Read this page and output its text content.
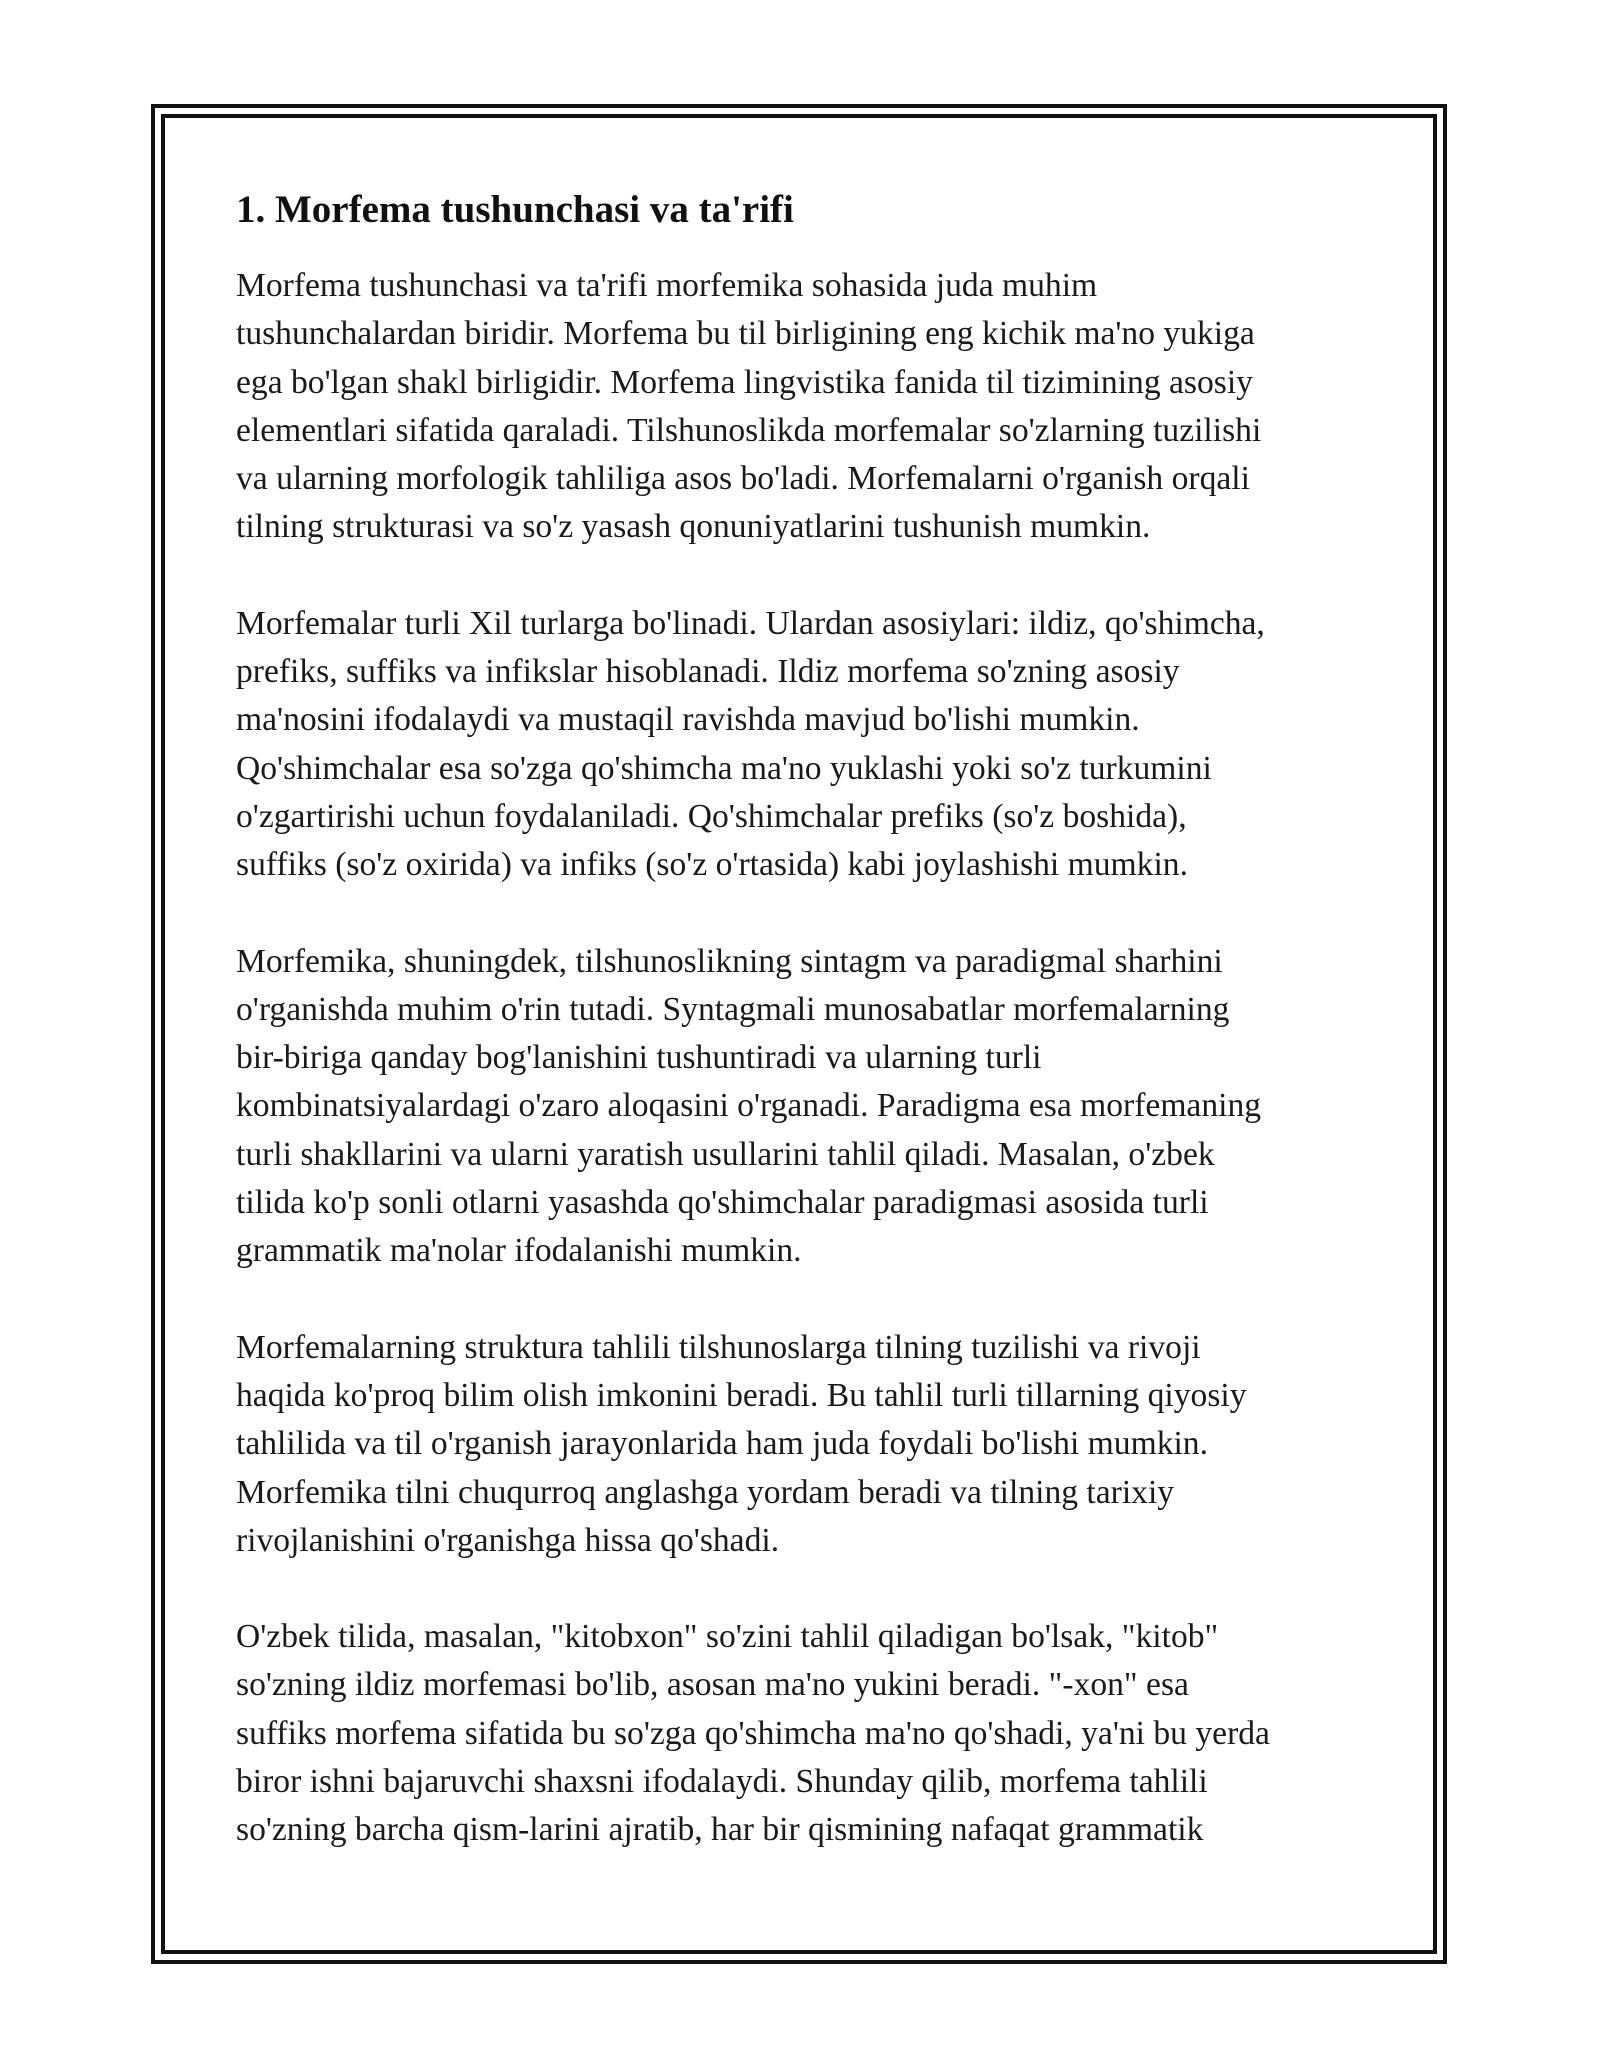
1. Morfema tushunchasi va ta'rifi

Morfema tushunchasi va ta'rifi morfemika sohasida juda muhim
tushunchalardan biridir. Morfema bu til birligining eng kichik ma'no yukiga
ega bo'lgan shakl birligidir. Morfema lingvistika fanida til tizimining asosiy
elementlari sifatida qaraladi. Tilshunoslikda morfemalar so'zlarning tuzilishi
va ularning morfologik tahliliga asos bo'ladi. Morfemalarni o'rganish orqali
tilning strukturasi va so'z yasash qonuniyatlarini tushunish mumkin.

Morfemalar turli Xil turlarga bo'linadi. Ulardan asosiylari: ildiz, qo'shimcha,
prefiks, suffiks va infikslar hisoblanadi. Ildiz morfema so'zning asosiy
ma'nosini ifodalaydi va mustaqil ravishda mavjud bo'lishi mumkin.
Qo'shimchalar esa so'zga qo'shimcha ma'no yuklashi yoki so'z turkumini
o'zgartirishi uchun foydalaniladi. Qo'shimchalar prefiks (so'z boshida),
suffiks (so'z oxirida) va infiks (so'z o'rtasida) kabi joylashishi mumkin.

Morfemika, shuningdek, tilshunoslikning sintagm va paradigmal sharhini
o'rganishda muhim o'rin tutadi. Syntagmali munosabatlar morfemalarning
bir-biriga qanday bog'lanishini tushuntiradi va ularning turli
kombinatsiyalardagi o'zaro aloqasini o'rganadi. Paradigma esa morfemaning
turli shakllarini va ularni yaratish usullarini tahlil qiladi. Masalan, o'zbek
tilida ko'p sonli otlarni yasashda qo'shimchalar paradigmasi asosida turli
grammatik ma'nolar ifodalanishi mumkin.

Morfemalarning struktura tahlili tilshunoslarga tilning tuzilishi va rivoji
haqida ko'proq bilim olish imkonini beradi. Bu tahlil turli tillarning qiyosiy
tahlilida va til o'rganish jarayonlarida ham juda foydali bo'lishi mumkin.
Morfemika tilni chuqurroq anglashga yordam beradi va tilning tarixiy
rivojlanishini o'rganishga hissa qo'shadi.

O'zbek tilida, masalan, "kitobxon" so'zini tahlil qiladigan bo'lsak, "kitob"
so'zning ildiz morfemasi bo'lib, asosan ma'no yukini beradi. "-xon" esa
suffiks morfema sifatida bu so'zga qo'shimcha ma'no qo'shadi, ya'ni bu yerda
biror ishni bajaruvchi shaxsni ifodalaydi. Shunday qilib, morfema tahlili
so'zning barcha qism-larini ajratib, har bir qismining nafaqat grammatik
